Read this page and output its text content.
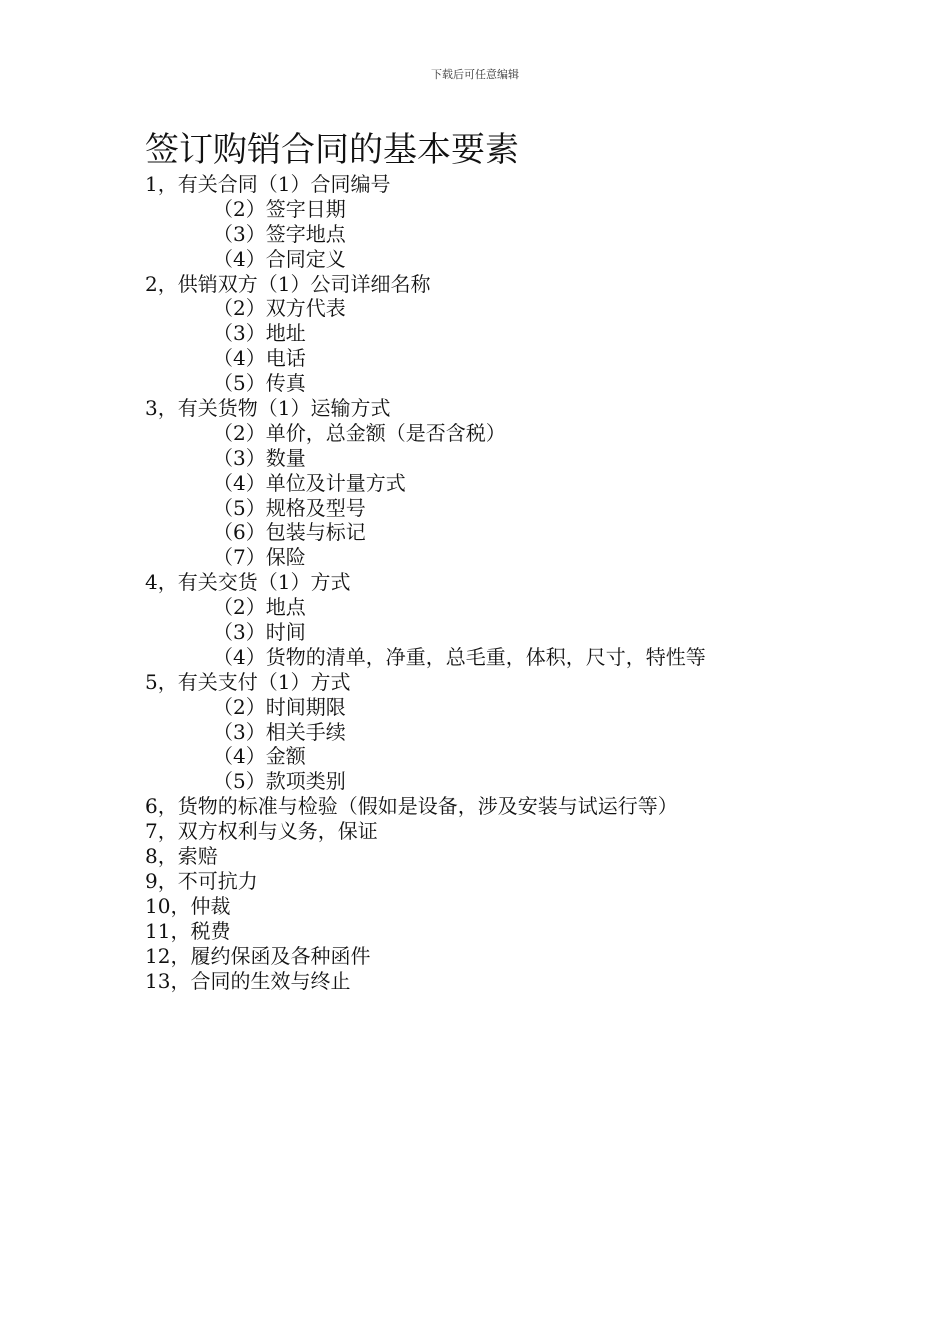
下载后可任意编辑
签订购销合同的基本要素
1，有关合同（1）合同编号
（2）签字日期
（3）签字地点
（4）合同定义
2，供销双方（1）公司详细名称
（2）双方代表
（3）地址
（4）电话
（5）传真
3，有关货物（1）运输方式
（2）单价，总金额（是否含税）
（3）数量
（4）单位及计量方式
（5）规格及型号
（6）包装与标记
（7）保险
4，有关交货（1）方式
（2）地点
（3）时间
（4）货物的清单，净重，总毛重，体积，尺寸，特性等
5，有关支付（1）方式
（2）时间期限
（3）相关手续
（4）金额
（5）款项类别
6，货物的标准与检验（假如是设备，涉及安装与试运行等）
7，双方权利与义务，保证
8，索赔
9，不可抗力
10，仲裁
11，税费
12，履约保函及各种函件
13，合同的生效与终止
